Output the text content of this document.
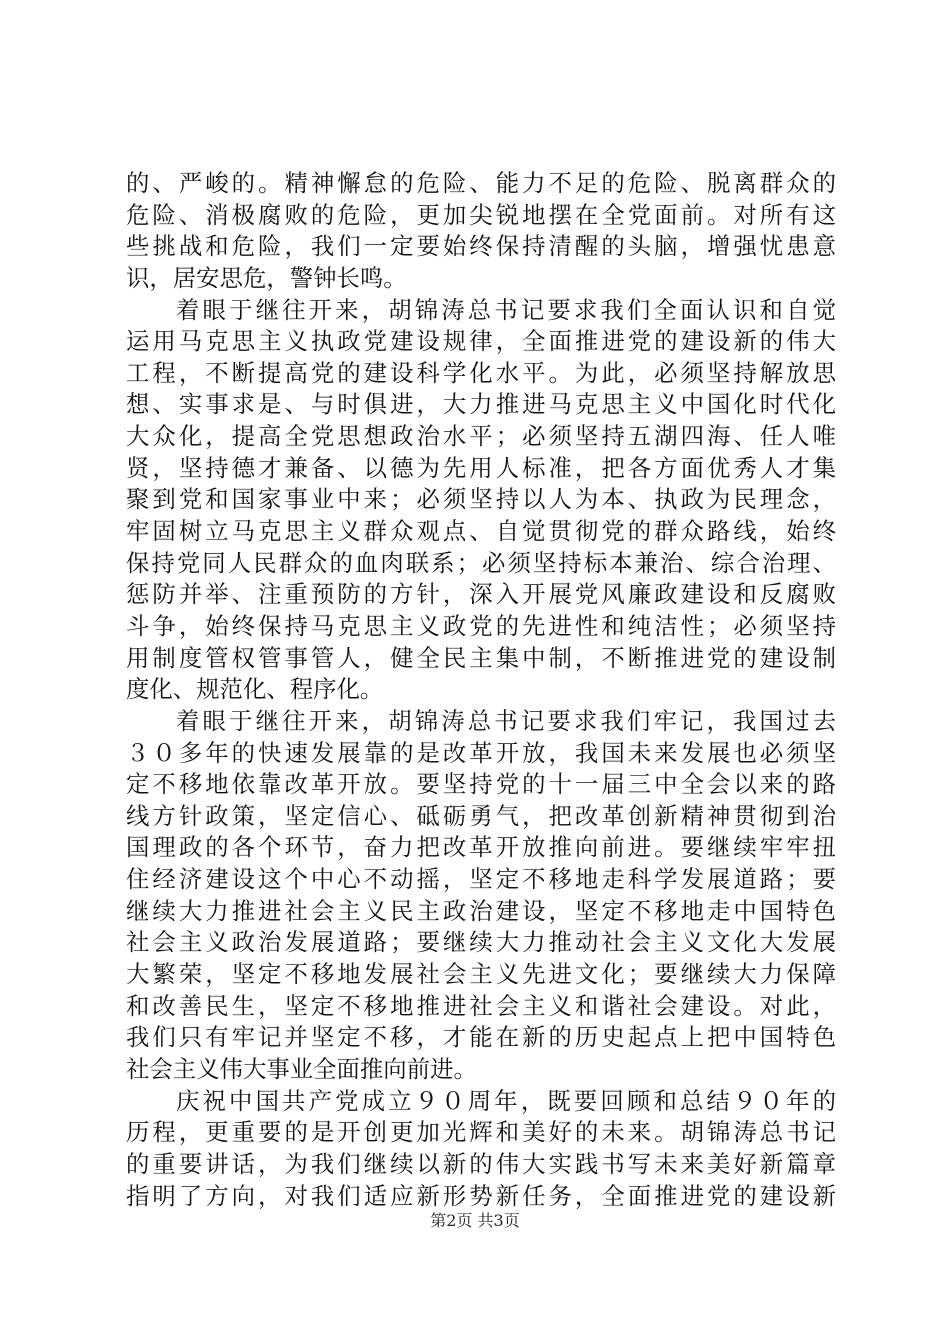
的、严峻的。精神懈怠的危险、能力不足的危险、脱离群众的
危险、消极腐败的危险，更加尖锐地摆在全党面前。对所有这
些挑战和危险，我们一定要始终保持清醒的头脑，增强忧患意
识，居安思危，警钟长鸣。
着眼于继往开来，胡锦涛总书记要求我们全面认识和自觉
运用马克思主义执政党建设规律，全面推进党的建设新的伟大
工程，不断提高党的建设科学化水平。为此，必须坚持解放思
想、实事求是、与时俱进，大力推进马克思主义中国化时代化
大众化，提高全党思想政治水平；必须坚持五湖四海、任人唯
贤，坚持德才兼备、以德为先用人标准，把各方面优秀人才集
聚到党和国家事业中来；必须坚持以人为本、执政为民理念，
牢固树立马克思主义群众观点、自觉贯彻党的群众路线，始终
保持党同人民群众的血肉联系；必须坚持标本兼治、综合治理、
惩防并举、注重预防的方针，深入开展党风廉政建设和反腐败
斗争，始终保持马克思主义政党的先进性和纯洁性；必须坚持
用制度管权管事管人，健全民主集中制，不断推进党的建设制
度化、规范化、程序化。
着眼于继往开来，胡锦涛总书记要求我们牢记，我国过去
３０多年的快速发展靠的是改革开放，我国未来发展也必须坚
定不移地依靠改革开放。要坚持党的十一届三中全会以来的路
线方针政策，坚定信心、砥砺勇气，把改革创新精神贯彻到治
国理政的各个环节，奋力把改革开放推向前进。要继续牢牢扭
住经济建设这个中心不动摇，坚定不移地走科学发展道路；要
继续大力推进社会主义民主政治建设，坚定不移地走中国特色
社会主义政治发展道路；要继续大力推动社会主义文化大发展
大繁荣，坚定不移地发展社会主义先进文化；要继续大力保障
和改善民生，坚定不移地推进社会主义和谐社会建设。对此，
我们只有牢记并坚定不移，才能在新的历史起点上把中国特色
社会主义伟大事业全面推向前进。
庆祝中国共产党成立９０周年，既要回顾和总结９０年的
历程，更重要的是开创更加光辉和美好的未来。胡锦涛总书记
的重要讲话，为我们继续以新的伟大实践书写未来美好新篇章
指明了方向，对我们适应新形势新任务，全面推进党的建设新
第2页 共3页
